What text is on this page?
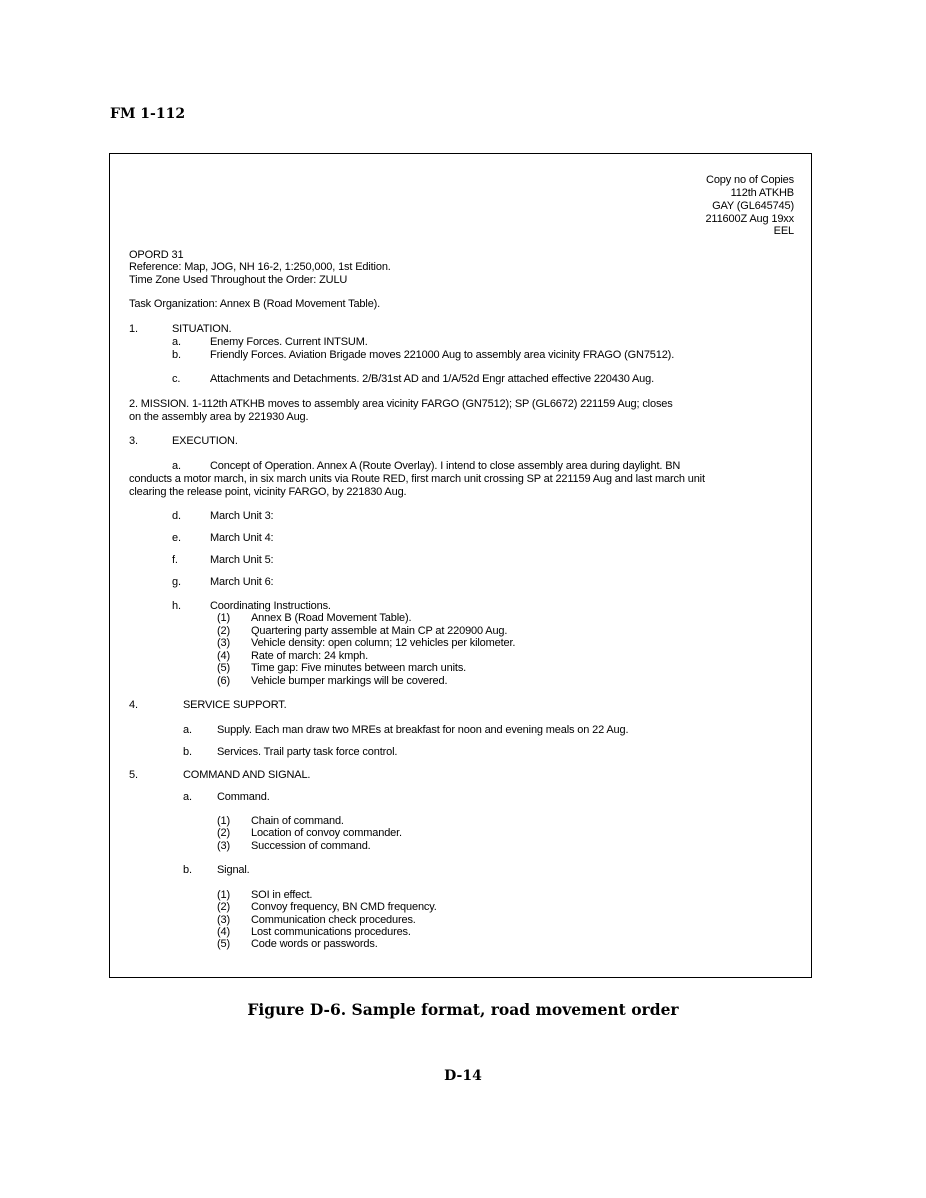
FM 1-112
Copy no of Copies
112th ATKHB
GAY (GL645745)
211600Z Aug 19xx
EEL
OPORD 31
Reference: Map, JOG, NH 16-2, 1:250,000, 1st Edition.
Time Zone Used Throughout the Order: ZULU
Task Organization: Annex B (Road Movement Table).
1.	SITUATION.
a.	Enemy Forces. Current INTSUM.
b.	Friendly Forces. Aviation Brigade moves 221000 Aug to assembly area vicinity FRAGO (GN7512).
c.	Attachments and Detachments. 2/B/31st AD and 1/A/52d Engr attached effective 220430 Aug.
2. MISSION. 1-112th ATKHB moves to assembly area vicinity FARGO (GN7512); SP (GL6672) 221159 Aug; closes
on the assembly area by 221930 Aug.
3.	EXECUTION.
a.	Concept of Operation. Annex A (Route Overlay). I intend to close assembly area during daylight. BN
conducts a motor march, in six march units via Route RED, first march unit crossing SP at 221159 Aug and last march unit
clearing the release point, vicinity FARGO, by 221830 Aug.
d.	March Unit 3:
e.	March Unit 4:
f.	March Unit 5:
g.	March Unit 6:
h.	Coordinating Instructions.
(1) Annex B (Road Movement Table).
(2) Quartering party assemble at Main CP at 220900 Aug.
(3) Vehicle density: open column; 12 vehicles per kilometer.
(4) Rate of march: 24 kmph.
(5) Time gap: Five minutes between march units.
(6) Vehicle bumper markings will be covered.
4.	SERVICE SUPPORT.
a. Supply. Each man draw two MREs at breakfast for noon and evening meals on 22 Aug.
b. Services. Trail party task force control.
5.	COMMAND AND SIGNAL.
a. Command.
(1) Chain of command.
(2) Location of convoy commander.
(3) Succession of command.
b. Signal.
(1) SOI in effect.
(2) Convoy frequency, BN CMD frequency.
(3) Communication check procedures.
(4) Lost communications procedures.
(5) Code words or passwords.
Figure D-6. Sample format, road movement order
D-14
